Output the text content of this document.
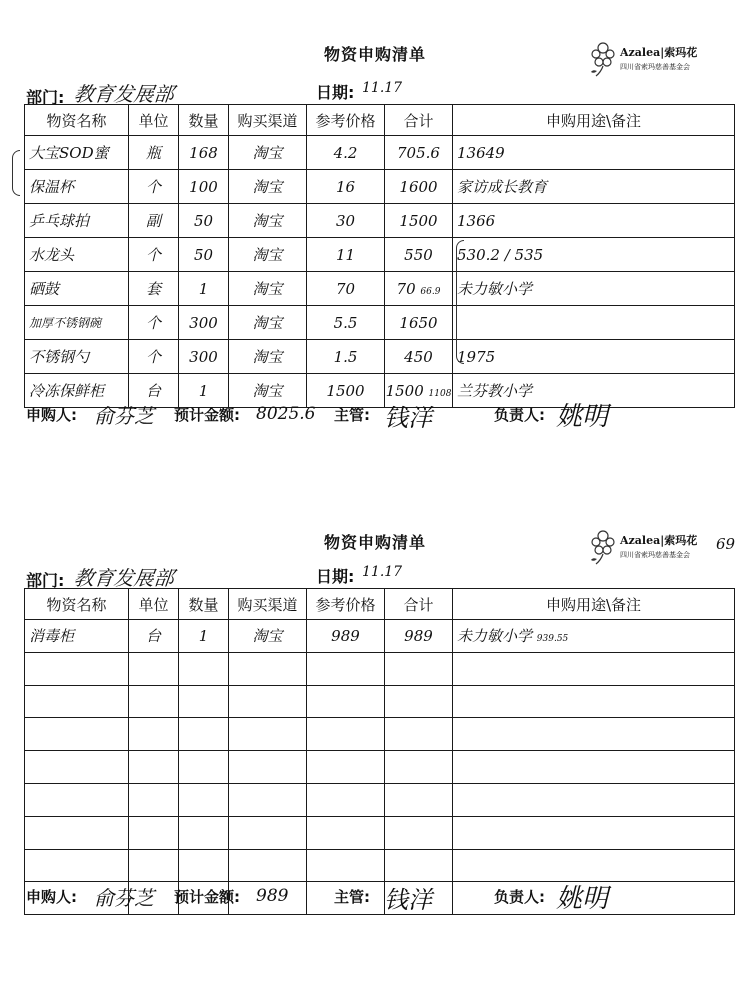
物资申购清单	Azalea|索玛花
四川省索玛慈善基金会
部门: 教育发展部	日期: 11.17
物资名称	单位	数量	购买渠道	参考价格	合计	申购用途\备注
大宝SOD蜜	瓶	168	淘宝	4.2	705.6	13649
保温杯	个	100	淘宝	16	1600	家访成长教育
乒乓球拍	副	50	淘宝	30	1500	1366
水龙头	个	50	淘宝	11	550	530.2 / 535
硒鼓	套	1	淘宝	70	70 66.9	未力敏小学
加厚不锈钢碗	个	300	淘宝	5.5	1650	
不锈钢勺	个	300	淘宝	1.5	450	1975
冷冻保鲜柜	台	1	淘宝	1500	1500 1108	兰芬教小学
申购人: 俞芬芝 预计金额: 8025.6 主管: 钱洋	负责人: 姚明
物资申购清单	Azalea|索玛花
四川省索玛慈善基金会
部门: 教育发展部	日期: 11.17
物资名称	单位	数量	购买渠道	参考价格	合计	申购用途\备注
消毒柜	台	1	淘宝	989	989	未力敏小学 939.55

申购人: 俞芬芝 预计金额: 989	主管: 钱洋	负责人: 姚明
69
